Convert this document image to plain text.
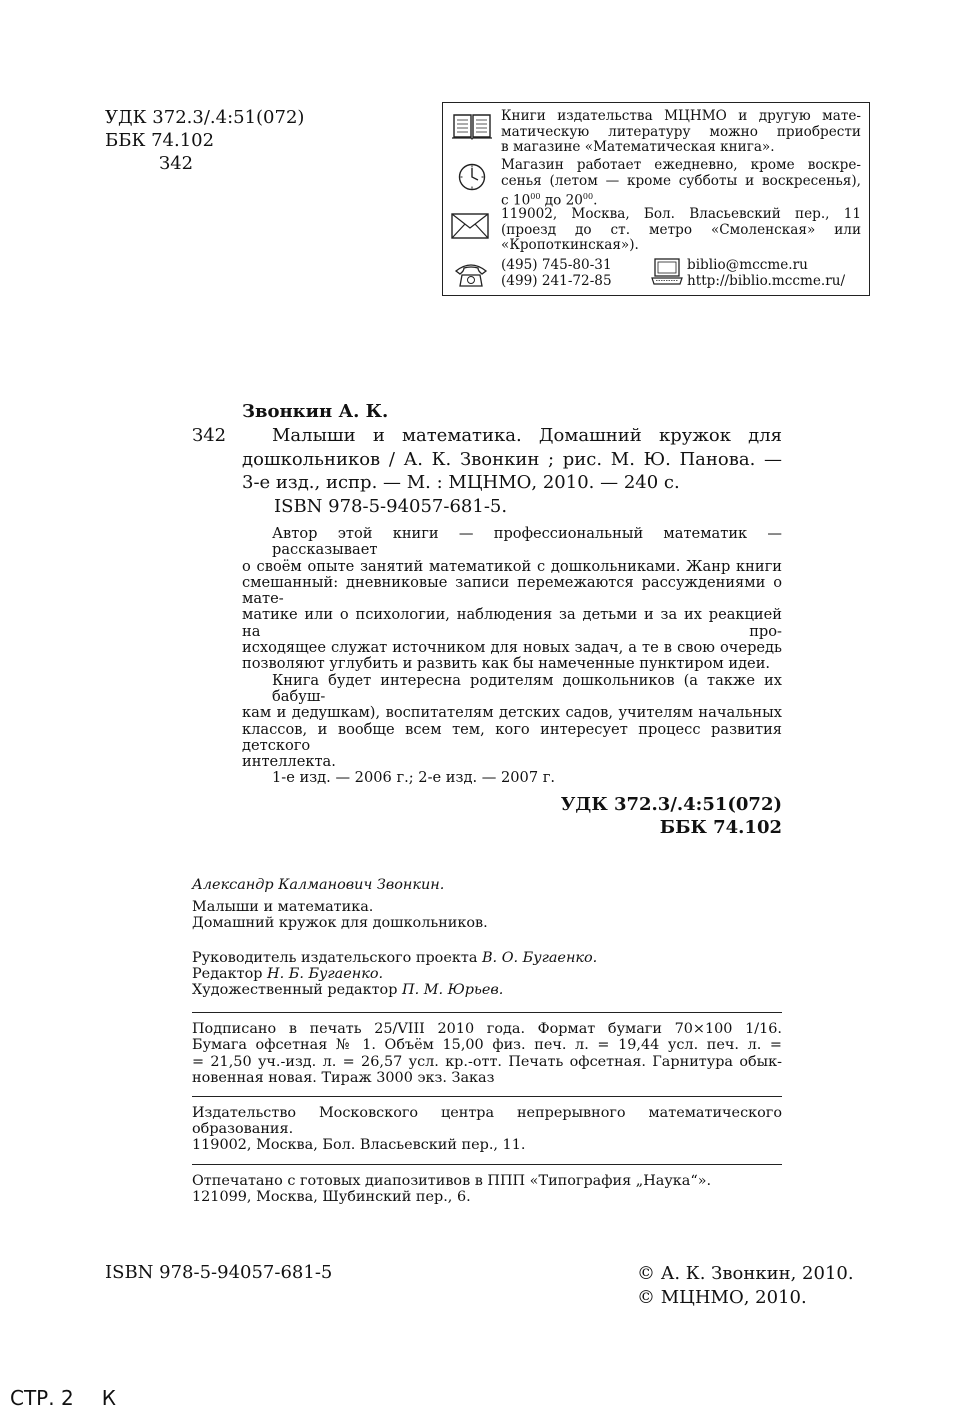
УДК 372.3/.4:51(072)
ББК 74.102
З42
Книги издательства МЦНМО и другую мате-
матическую литературу можно приобрести
в магазине «Математическая книга».
Магазин работает ежедневно, кроме воскре-
сенья (летом — кроме субботы и воскресенья),
с $10^{00}$ до $20^{00}$.
119002, Москва, Бол. Власьевский пер., 11
(проезд до ст. метро «Смоленская» или
«Кропоткинская»).
(495) 745-80-31
(499) 241-72-85
biblio@mccme.ru
http://biblio.mccme.ru/
Звонкин А. К.
З42	Малыши и математика. Домашний кружок для
дошкольников / А. К. Звонкин ; рис. М. Ю. Панова. —
3-е изд., испр. — М. : МЦНМО, 2010. — 240 с.
ISBN 978-5-94057-681-5.
Автор этой книги — профессиональный математик — рассказывает
о своём опыте занятий математикой с дошкольниками. Жанр книги
смешанный: дневниковые записи перемежаются рассуждениями о мате-
матике или о психологии, наблюдения за детьми и за их реакцией на про-
исходящее служат источником для новых задач, а те в свою очередь
позволяют углубить и развить как бы намеченные пунктиром идеи.
Книга будет интересна родителям дошкольников (а также их бабуш-
кам и дедушкам), воспитателям детских садов, учителям начальных
классов, и вообще всем тем, кого интересует процесс развития детского
интеллекта.
1-е изд. — 2006 г.; 2-е изд. — 2007 г.
УДК 372.3/.4:51(072)
ББК 74.102
Александр Калманович Звонкин.
Малыши и математика.
Домашний кружок для дошкольников.
Руководитель издательского проекта В. О. Бугаенко.
Редактор Н. Б. Бугаенко.
Художественный редактор П. М. Юрьев.
Подписано в печать 25/VIII 2010 года. Формат бумаги 70×100 1/16.
Бумага офсетная № 1. Объём 15,00 физ. печ. л. = 19,44 усл. печ. л. =
= 21,50 уч.-изд. л. = 26,57 усл. кр.-отт. Печать офсетная. Гарнитура обык-
новенная новая. Тираж 3000 экз. Заказ
Издательство Московского центра непрерывного математического образования.
119002, Москва, Бол. Власьевский пер., 11.
Отпечатано с готовых диапозитивов в ППП «Типография „Наука“».
121099, Москва, Шубинский пер., 6.
ISBN 978-5-94057-681-5	© А. К. Звонкин, 2010.
© МЦНМО, 2010.
СТР. 2 К
